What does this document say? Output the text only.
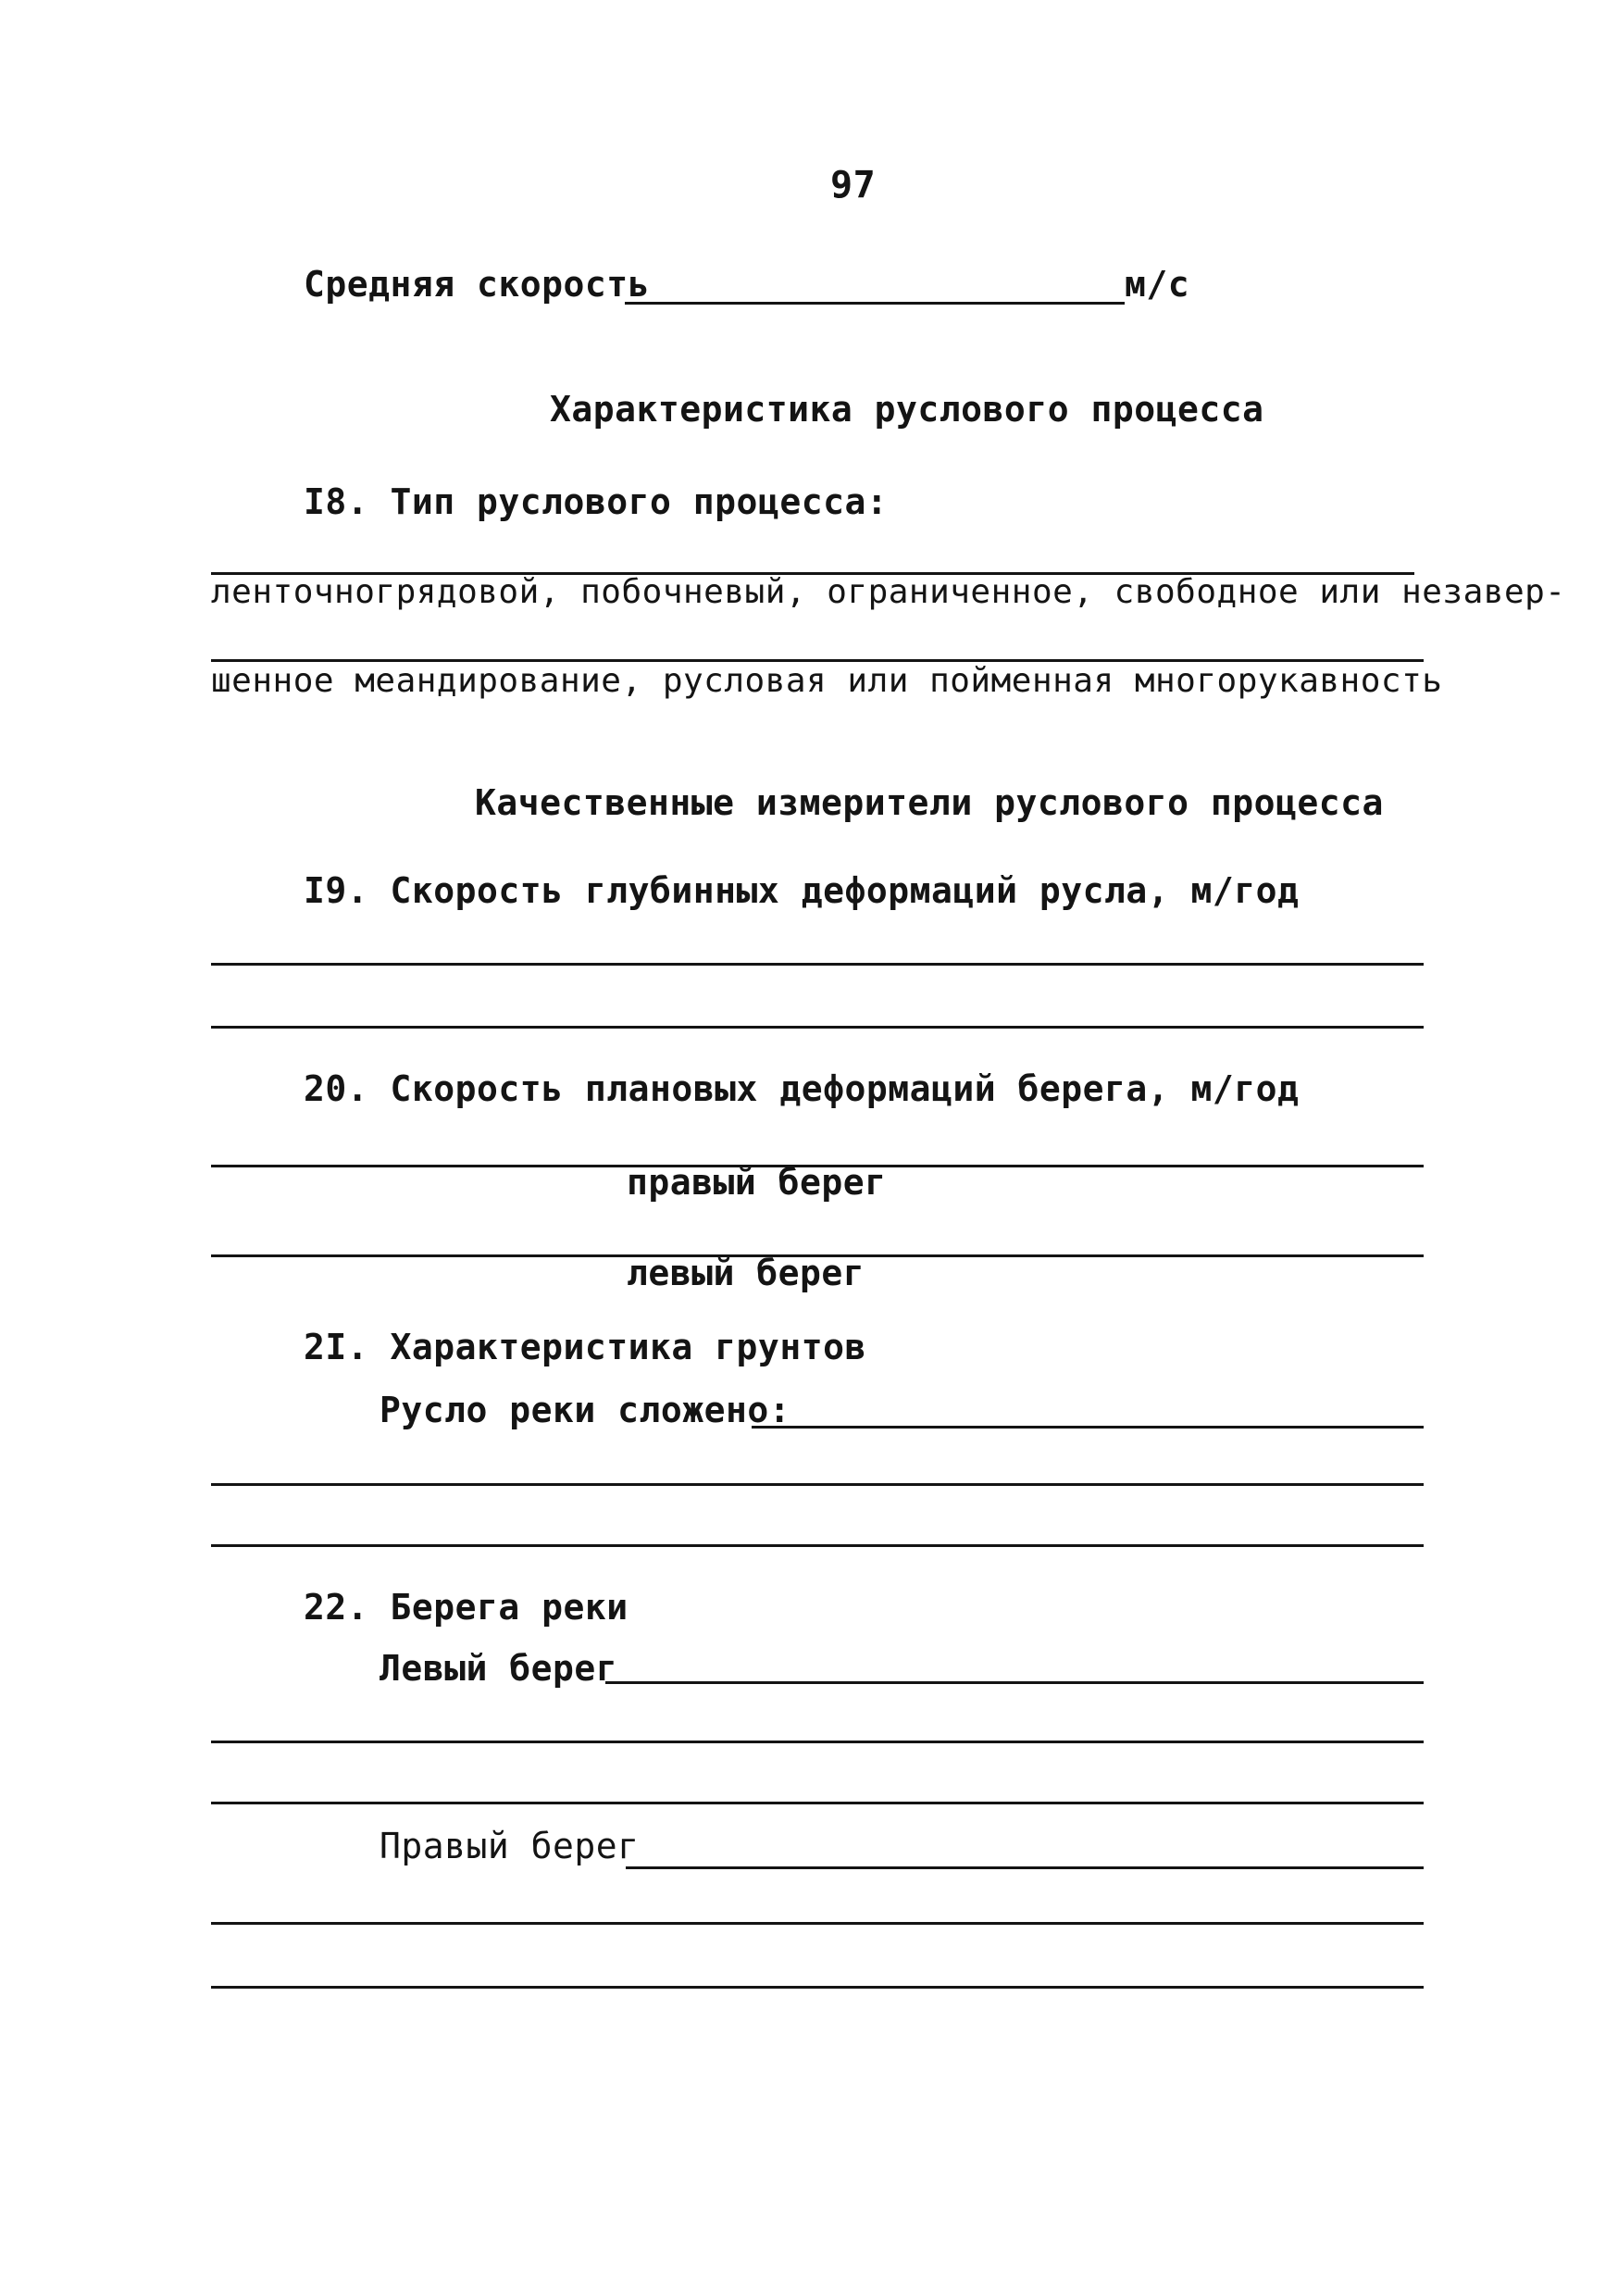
97
Средняя скорость	м/с
Характеристика руслового процесса
I8. Тип руслового процесса:
ленточногрядовой, побочневый, ограниченное, свободное или незавер-
шенное меандирование, русловая или пойменная многорукавность
Качественные измерители руслового процесса
I9. Скорость глубинных деформаций русла, м/год
20. Скорость плановых деформаций берега, м/год
правый берег
левый берег
2I. Характеристика грунтов
Русло реки сложено:
22. Берега реки
Левый берег
Правый берег
